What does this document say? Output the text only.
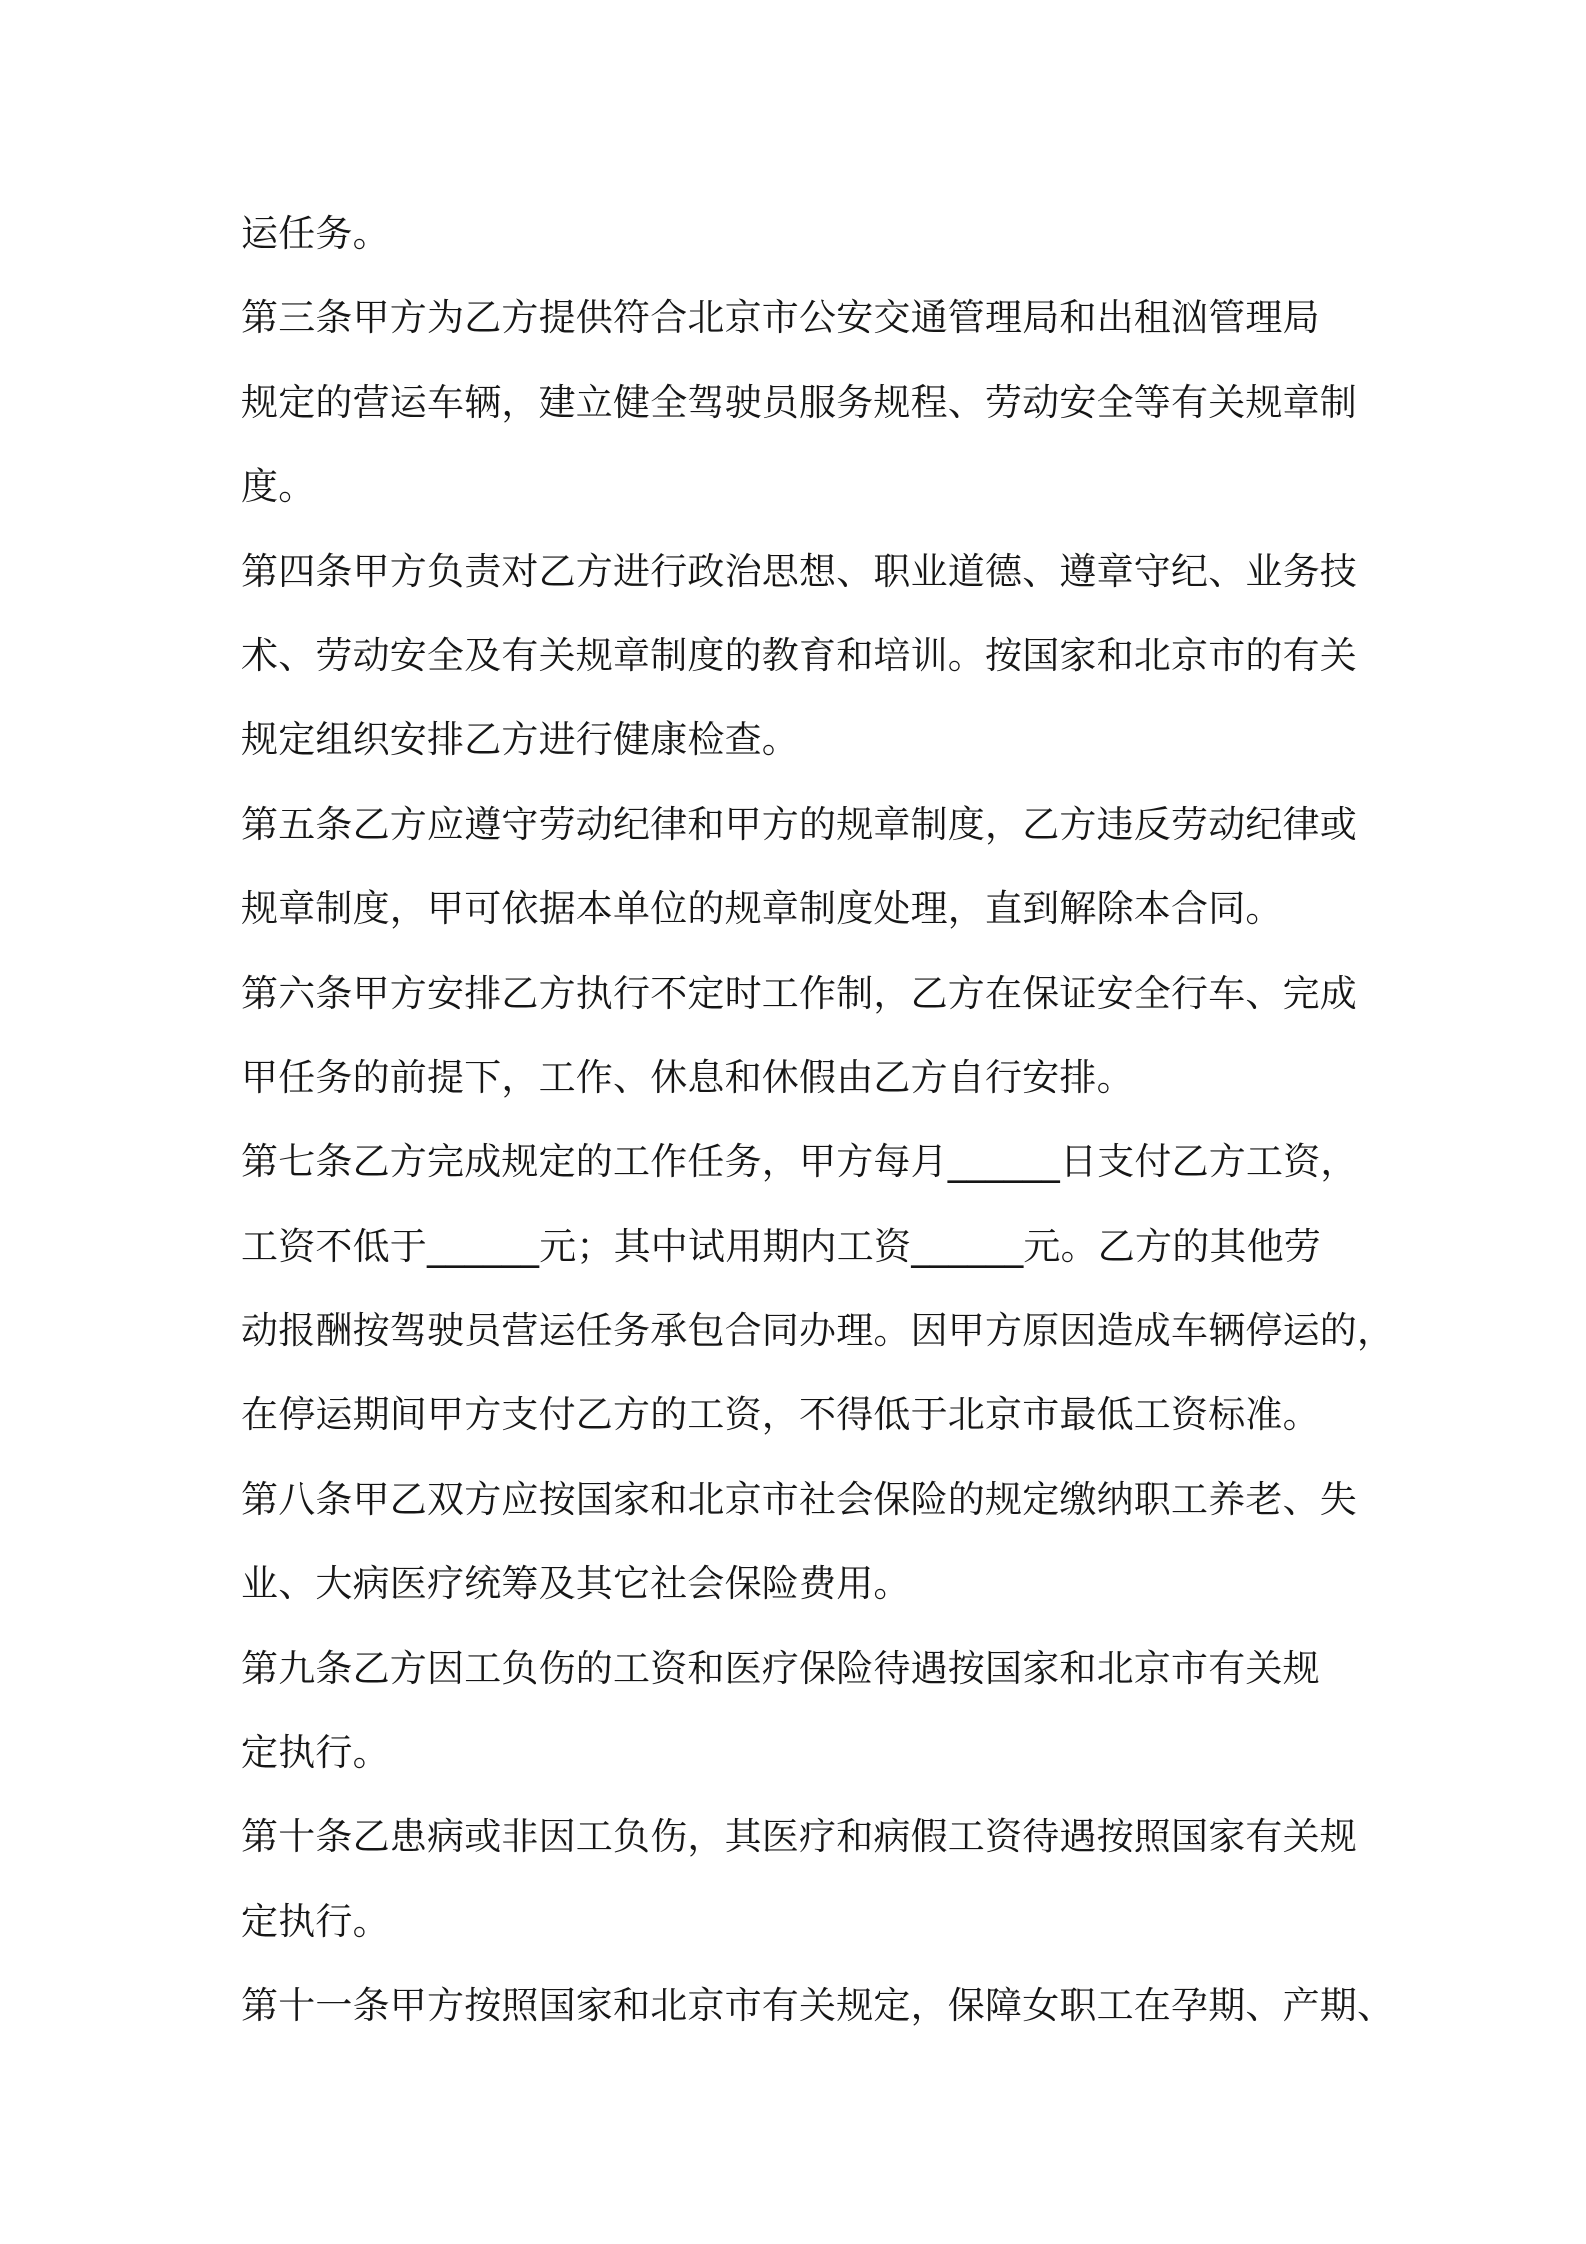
运任务。
第三条甲方为乙方提供符合北京市公安交通管理局和出租汹管理局
规定的营运车辆，建立健全驾驶员服务规程、劳动安全等有关规章制
度。
第四条甲方负责对乙方进行政治思想、职业道德、遵章守纪、业务技
术、劳动安全及有关规章制度的教育和培训。按国家和北京市的有关
规定组织安排乙方进行健康检查。
第五条乙方应遵守劳动纪律和甲方的规章制度，乙方违反劳动纪律或
规章制度，甲可依据本单位的规章制度处理，直到解除本合同。
第六条甲方安排乙方执行不定时工作制，乙方在保证安全行车、完成
甲任务的前提下，工作、休息和休假由乙方自行安排。
第七条乙方完成规定的工作任务，甲方每月______日支付乙方工资，
工资不低于______元；其中试用期内工资______元。乙方的其他劳
动报酬按驾驶员营运任务承包合同办理。因甲方原因造成车辆停运的，
在停运期间甲方支付乙方的工资，不得低于北京市最低工资标准。
第八条甲乙双方应按国家和北京市社会保险的规定缴纳职工养老、失
业、大病医疗统筹及其它社会保险费用。
第九条乙方因工负伤的工资和医疗保险待遇按国家和北京市有关规
定执行。
第十条乙患病或非因工负伤，其医疗和病假工资待遇按照国家有关规
定执行。
第十一条甲方按照国家和北京市有关规定，保障女职工在孕期、产期、
